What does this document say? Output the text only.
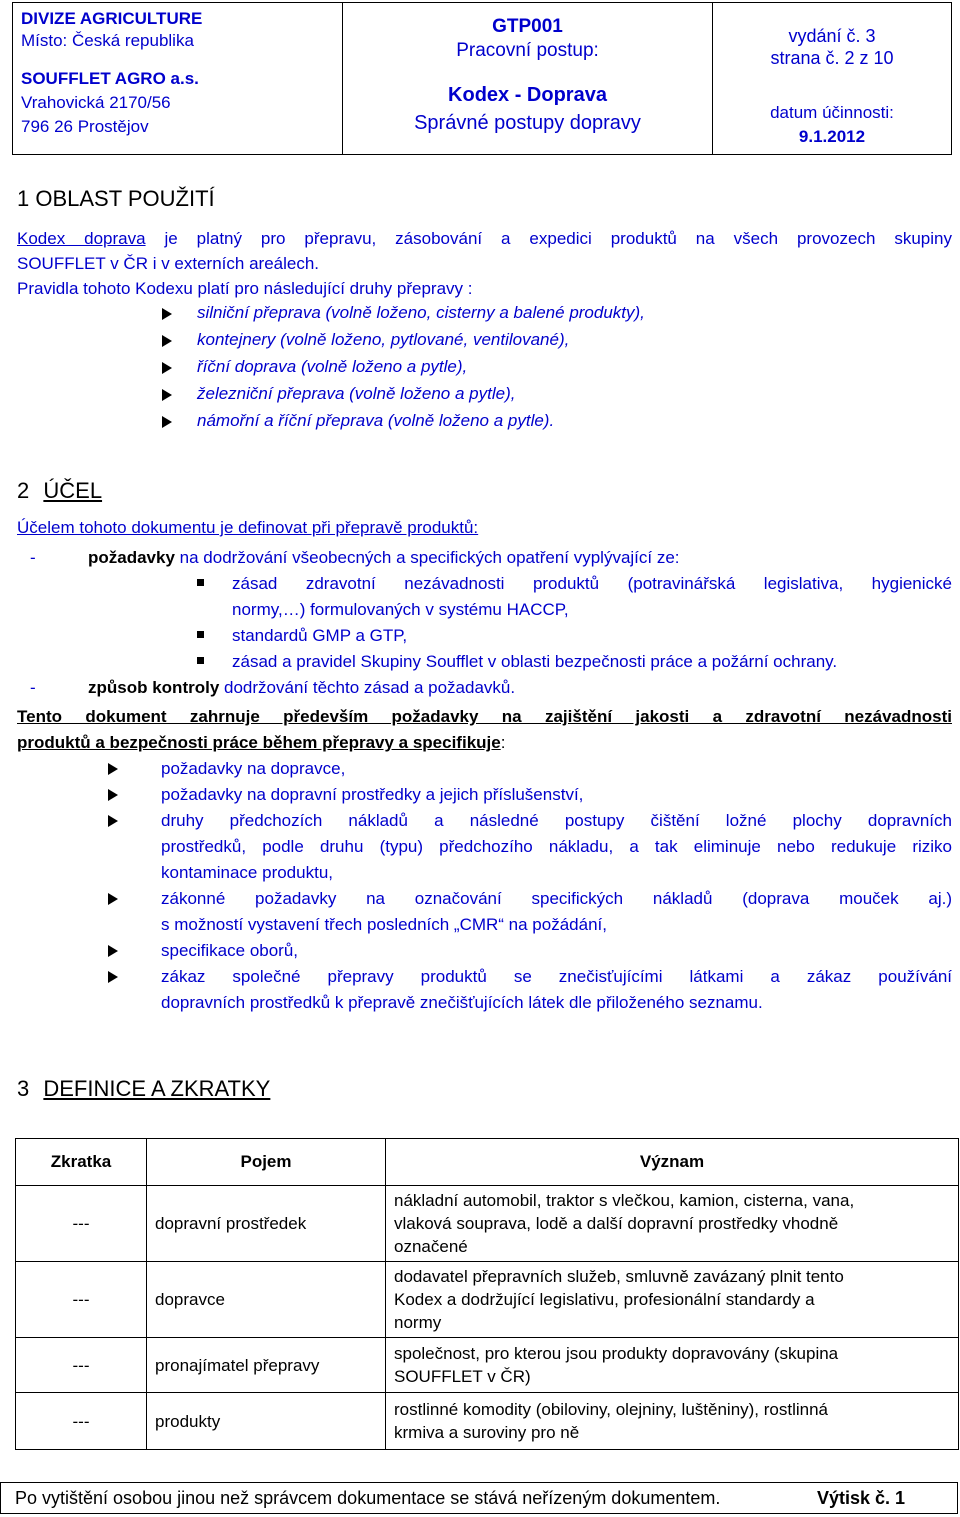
DIVIZE AGRICULTURE
Místo: Česká republika
SOUFFLET AGRO a.s.
Vrahovická 2170/56
796 26 Prostějov
GTP001
Pracovní postup:
Kodex - Doprava
Správné postupy dopravy
vydání č. 3
strana č. 2 z 10
datum účinnosti:
9.1.2012
1 OBLAST POUŽITÍ
Kodex doprava je platný pro přepravu, zásobování a expedici produktů na všech provozech skupiny
SOUFFLET v ČR i v externích areálech.
Pravidla tohoto Kodexu platí pro následující druhy přepravy :
silniční přeprava (volně loženo, cisterny a balené produkty),
kontejnery (volně loženo, pytlované, ventilované),
říční doprava (volně loženo a pytle),
železniční přeprava (volně loženo a pytle),
námořní a říční přeprava (volně loženo a pytle).
2 ÚČEL
Účelem tohoto dokumentu je definovat při přepravě produktů:
-	požadavky na dodržování všeobecných a specifických opatření vyplývající ze:
zásad zdravotní nezávadnosti produktů (potravinářská legislativa, hygienické
normy,…) formulovaných v systému HACCP,
standardů GMP a GTP,
zásad a pravidel Skupiny Soufflet v oblasti bezpečnosti práce a požární ochrany.
-	způsob kontroly dodržování těchto zásad a požadavků.
Tento dokument zahrnuje především požadavky na zajištění jakosti a zdravotní nezávadnosti
produktů a bezpečnosti práce během přepravy a specifikuje:
požadavky na dopravce,
požadavky na dopravní prostředky a jejich příslušenství,
druhy předchozích nákladů a následné postupy čištění ložné plochy dopravních
prostředků, podle druhu (typu) předchozího nákladu, a tak eliminuje nebo redukuje riziko
kontaminace produktu,
zákonné požadavky na označování specifických nákladů (doprava mouček aj.)
s možností vystavení třech posledních „CMR“ na požádání,
specifikace oborů,
zákaz společné přepravy produktů se znečisťujícími látkami a zákaz používání
dopravních prostředků k přepravě znečišťujících látek dle přiloženého seznamu.
3 DEFINICE A ZKRATKY
Zkratka	Pojem	Význam
---	dopravní prostředek	nákladní automobil, traktor s vlečkou, kamion, cisterna, vana,
vlaková souprava, lodě a další dopravní prostředky vhodně
označené

---	dopravce	dodavatel přepravních služeb, smluvně zavázaný plnit tento
Kodex a dodržující legislativu, profesionální standardy a
normy

---	pronajímatel přepravy	společnost, pro kterou jsou produkty dopravovány (skupina
SOUFFLET v ČR)

---	produkty	rostlinné komodity (obiloviny, olejniny, luštěniny), rostlinná
krmiva a suroviny pro ně
Po vytištění osobou jinou než správcem dokumentace se stává neřízeným dokumentem.	Výtisk č. 1
